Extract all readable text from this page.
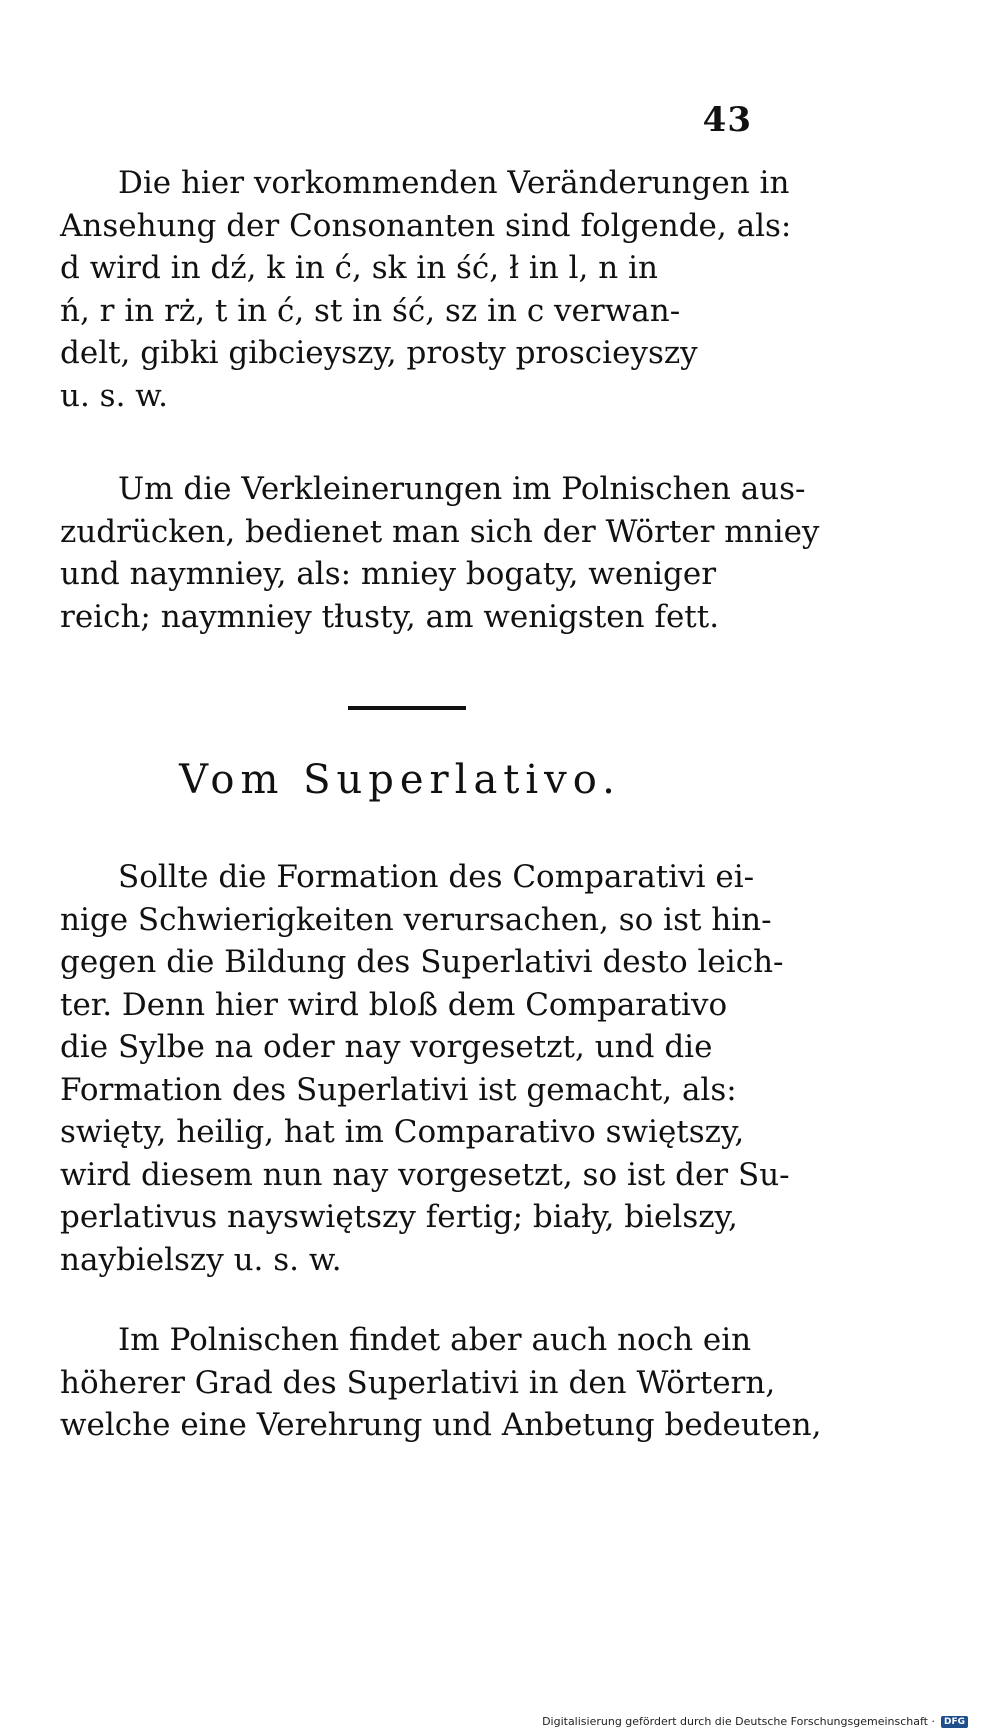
43
Die hier vorkommenden Veränderungen in
Ansehung der Consonanten sind folgende, als:
d wird in dź, k in ć, sk in ść, ł in l, n in
ń, r in rż, t in ć, st in ść, sz in c verwan-
delt, gibki gibcieyszy, prosty proscieyszy
u. s. w.
Um die Verkleinerungen im Polnischen aus-
zudrücken, bedienet man sich der Wörter mniey
und naymniey, als: mniey bogaty, weniger
reich; naymniey tłusty, am wenigsten fett.
Vom Superlativo.
Sollte die Formation des Comparativi ei-
nige Schwierigkeiten verursachen, so ist hin-
gegen die Bildung des Superlativi desto leich-
ter. Denn hier wird bloß dem Comparativo
die Sylbe na oder nay vorgesetzt, und die
Formation des Superlativi ist gemacht, als:
swięty, heilig, hat im Comparativo swiętszy,
wird diesem nun nay vorgesetzt, so ist der Su-
perlativus nayswiętszy fertig; biały, bielszy,
naybielszy u. s. w.
Im Polnischen findet aber auch noch ein
höherer Grad des Superlativi in den Wörtern,
welche eine Verehrung und Anbetung bedeuten,
Digitalisierung gefördert durch die Deutsche Forschungsgemeinschaft ·	DFG
